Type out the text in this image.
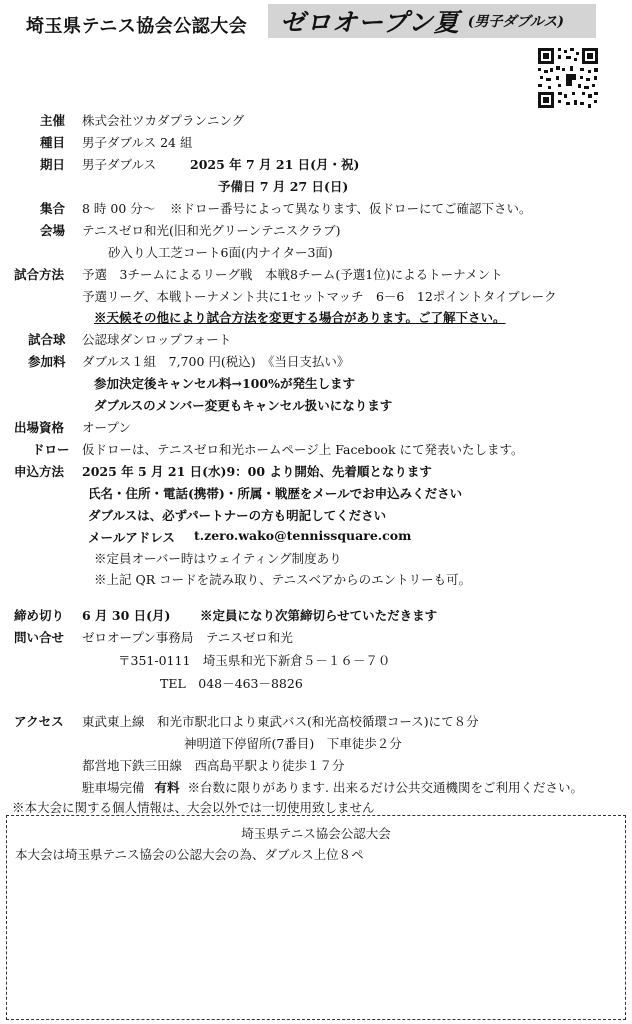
埼玉県テニス協会公認大会 ゼロオープン夏 (男子ダブルス)
主催 株式会社ツカダプランニング
種目 男子ダブルス 24 組
期日 男子ダブルス	2025 年 7 月 21 日(月・祝)
予備日 7 月 27 日(日)
集合 8 時 00 分～ ※ドロー番号によって異なります、仮ドローにてご確認下さい。
会場 テニスゼロ和光(旧和光グリーンテニスクラブ)
砂入り人工芝コート6面(内ナイター3面)
試合方法 予選　3チームによるリーグ戦　本戦8チーム(予選1位)によるトーナメント
予選リーグ、本戦トーナメント共に1セットマッチ　6－6　12ポイントタイブレーク
※天候その他により試合方法を変更する場合があります。ご了解下さい。
試合球 公認球ダンロップフォート
参加料 ダブルス１組　7,700 円(税込)　《当日支払い》
参加決定後キャンセル料→100%が発生します
ダブルスのメンバー変更もキャンセル扱いになります
出場資格 オープン
ドロー 仮ドローは、テニスゼロ和光ホームページ上 Facebook にて発表いたします。
申込方法 2025 年 5 月 21 日(水)9：00 より開始、先着順となります
氏名・住所・電話(携帯)・所属・戦歴をメールでお申込みください
ダブルスは、必ずパートナーの方も明記してください
メールアドレス t.zero.wako@tennissquare.com
※定員オーバー時はウェイティング制度あり
※上記 QR コードを読み取り、テニスベアからのエントリーも可。
締め切り 6 月 30 日(月) ※定員になり次第締切らせていただきます
問い合せ ゼロオープン事務局　テニスゼロ和光
〒351-0111　埼玉県和光下新倉５－１６－７０
TEL　048－463－8826
アクセス 東武東上線　和光市駅北口より東武バス(和光高校循環コース)にて８分
神明道下停留所(7番目)　下車徒歩２分
都営地下鉄三田線　西高島平駅より徒歩１７分
駐車場完備 有料 ※台数に限りがあります. 出来るだけ公共交通機関をご利用ください。
※本大会に関する個人情報は、大会以外では一切使用致しません
埼玉県テニス協会公認大会
本大会は埼玉県テニス協会の公認大会の為、ダブルス上位８ペ
